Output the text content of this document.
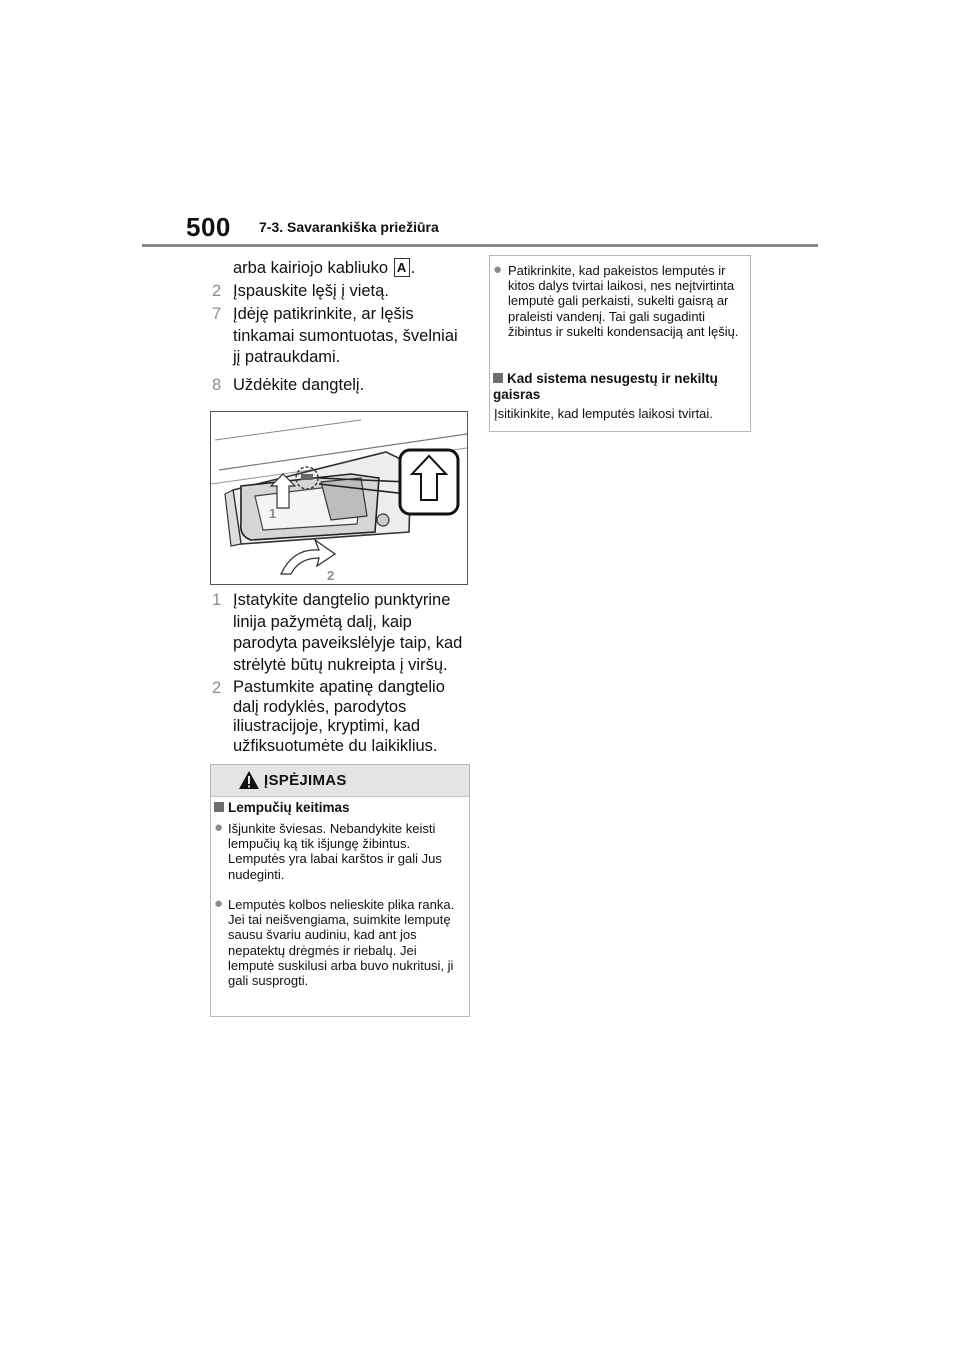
500 7-3. Savarankiška priežiūra
arba kairiojo kabliuko A .
2 Įspauskite lęšį į vietą.
7 Įdėję patikrinkite, ar lęšis tinkamai sumontuotas, švelniai jį patraukdami.
8 Uždėkite dangtelį.
1
2
1 Įstatykite dangtelio punktyrine linija pažymėtą dalį, kaip parodyta paveikslėlyje taip, kad strėlytė būtų nukreipta į viršų.
2 Pastumkite apatinę dangtelio dalį rodyklės, parodytos iliustracijoje, kryptimi, kad užfiksuotumėte du laikiklius.
ĮSPĖJIMAS
Lempučių keitimas
● Išjunkite šviesas. Nebandykite keisti lempučių ką tik išjungę žibintus. Lemputės yra labai karštos ir gali Jus nudeginti.
● Lemputės kolbos nelieskite plika ranka. Jei tai neišvengiama, suimkite lemputę sausu švariu audiniu, kad ant jos nepatektų drėgmės ir riebalų. Jei lemputė suskilusi arba buvo nukritusi, ji gali susprogti.
● Patikrinkite, kad pakeistos lemputės ir kitos dalys tvirtai laikosi, nes neįtvirtinta lemputė gali perkaisti, sukelti gaisrą ar praleisti vandenį. Tai gali sugadinti žibintus ir sukelti kondensaciją ant lęšių.
Kad sistema nesugestų ir nekiltų gaisras
Įsitikinkite, kad lemputės laikosi tvirtai.
